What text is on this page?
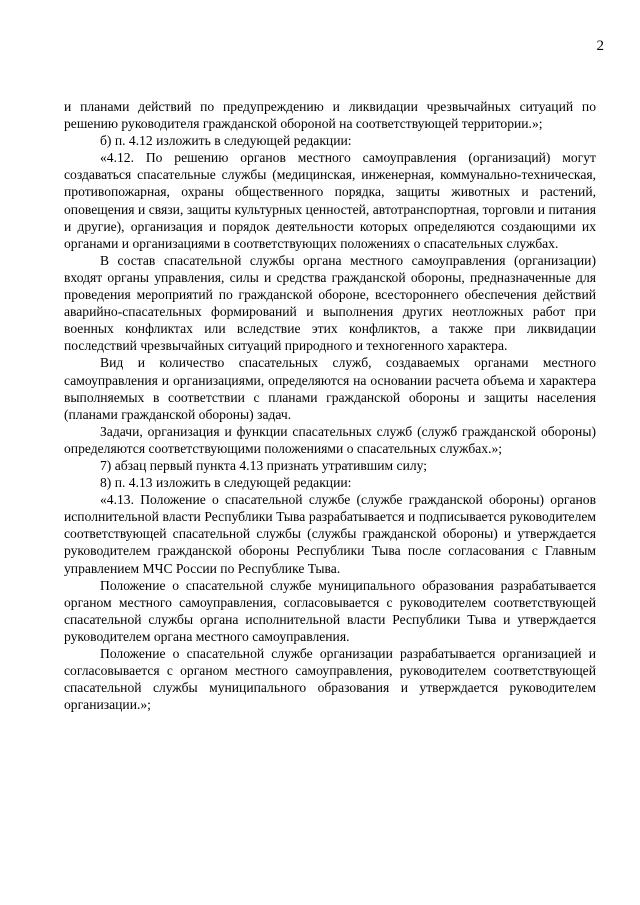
2

и планами действий по предупреждению и ликвидации чрезвычайных ситуаций по решению руководителя гражданской обороной на соответствующей территории.»;

б) п. 4.12 изложить в следующей редакции:

«4.12. По решению органов местного самоуправления (организаций) могут создаваться спасательные службы (медицинская, инженерная, коммунально-техническая, противопожарная, охраны общественного порядка, защиты животных и растений, оповещения и связи, защиты культурных ценностей, автотранспортная, торговли и питания и другие), организация и порядок деятельности которых определяются создающими их органами и организациями в соответствующих положениях о спасательных службах.

В состав спасательной службы органа местного самоуправления (организации) входят органы управления, силы и средства гражданской обороны, предназначенные для проведения мероприятий по гражданской обороне, всестороннего обеспечения действий аварийно-спасательных формирований и выполнения других неотложных работ при военных конфликтах или вследствие этих конфликтов, а также при ликвидации последствий чрезвычайных ситуаций природного и техногенного характера.

Вид и количество спасательных служб, создаваемых органами местного самоуправления и организациями, определяются на основании расчета объема и характера выполняемых в соответствии с планами гражданской обороны и защиты населения (планами гражданской обороны) задач.

Задачи, организация и функции спасательных служб (служб гражданской обороны) определяются соответствующими положениями о спасательных службах.»;

7) абзац первый пункта 4.13 признать утратившим силу;

8) п. 4.13 изложить в следующей редакции:

«4.13. Положение о спасательной службе (службе гражданской обороны) органов исполнительной власти Республики Тыва разрабатывается и подписывается руководителем соответствующей спасательной службы (службы гражданской обороны) и утверждается руководителем гражданской обороны Республики Тыва после согласования с Главным управлением МЧС России по Республике Тыва.

Положение о спасательной службе муниципального образования разрабатывается органом местного самоуправления, согласовывается с руководителем соответствующей спасательной службы органа исполнительной власти Республики Тыва и утверждается руководителем органа местного самоуправления.

Положение о спасательной службе организации разрабатывается организацией и согласовывается с органом местного самоуправления, руководителем соответствующей спасательной службы муниципального образования и утверждается руководителем организации.»;
